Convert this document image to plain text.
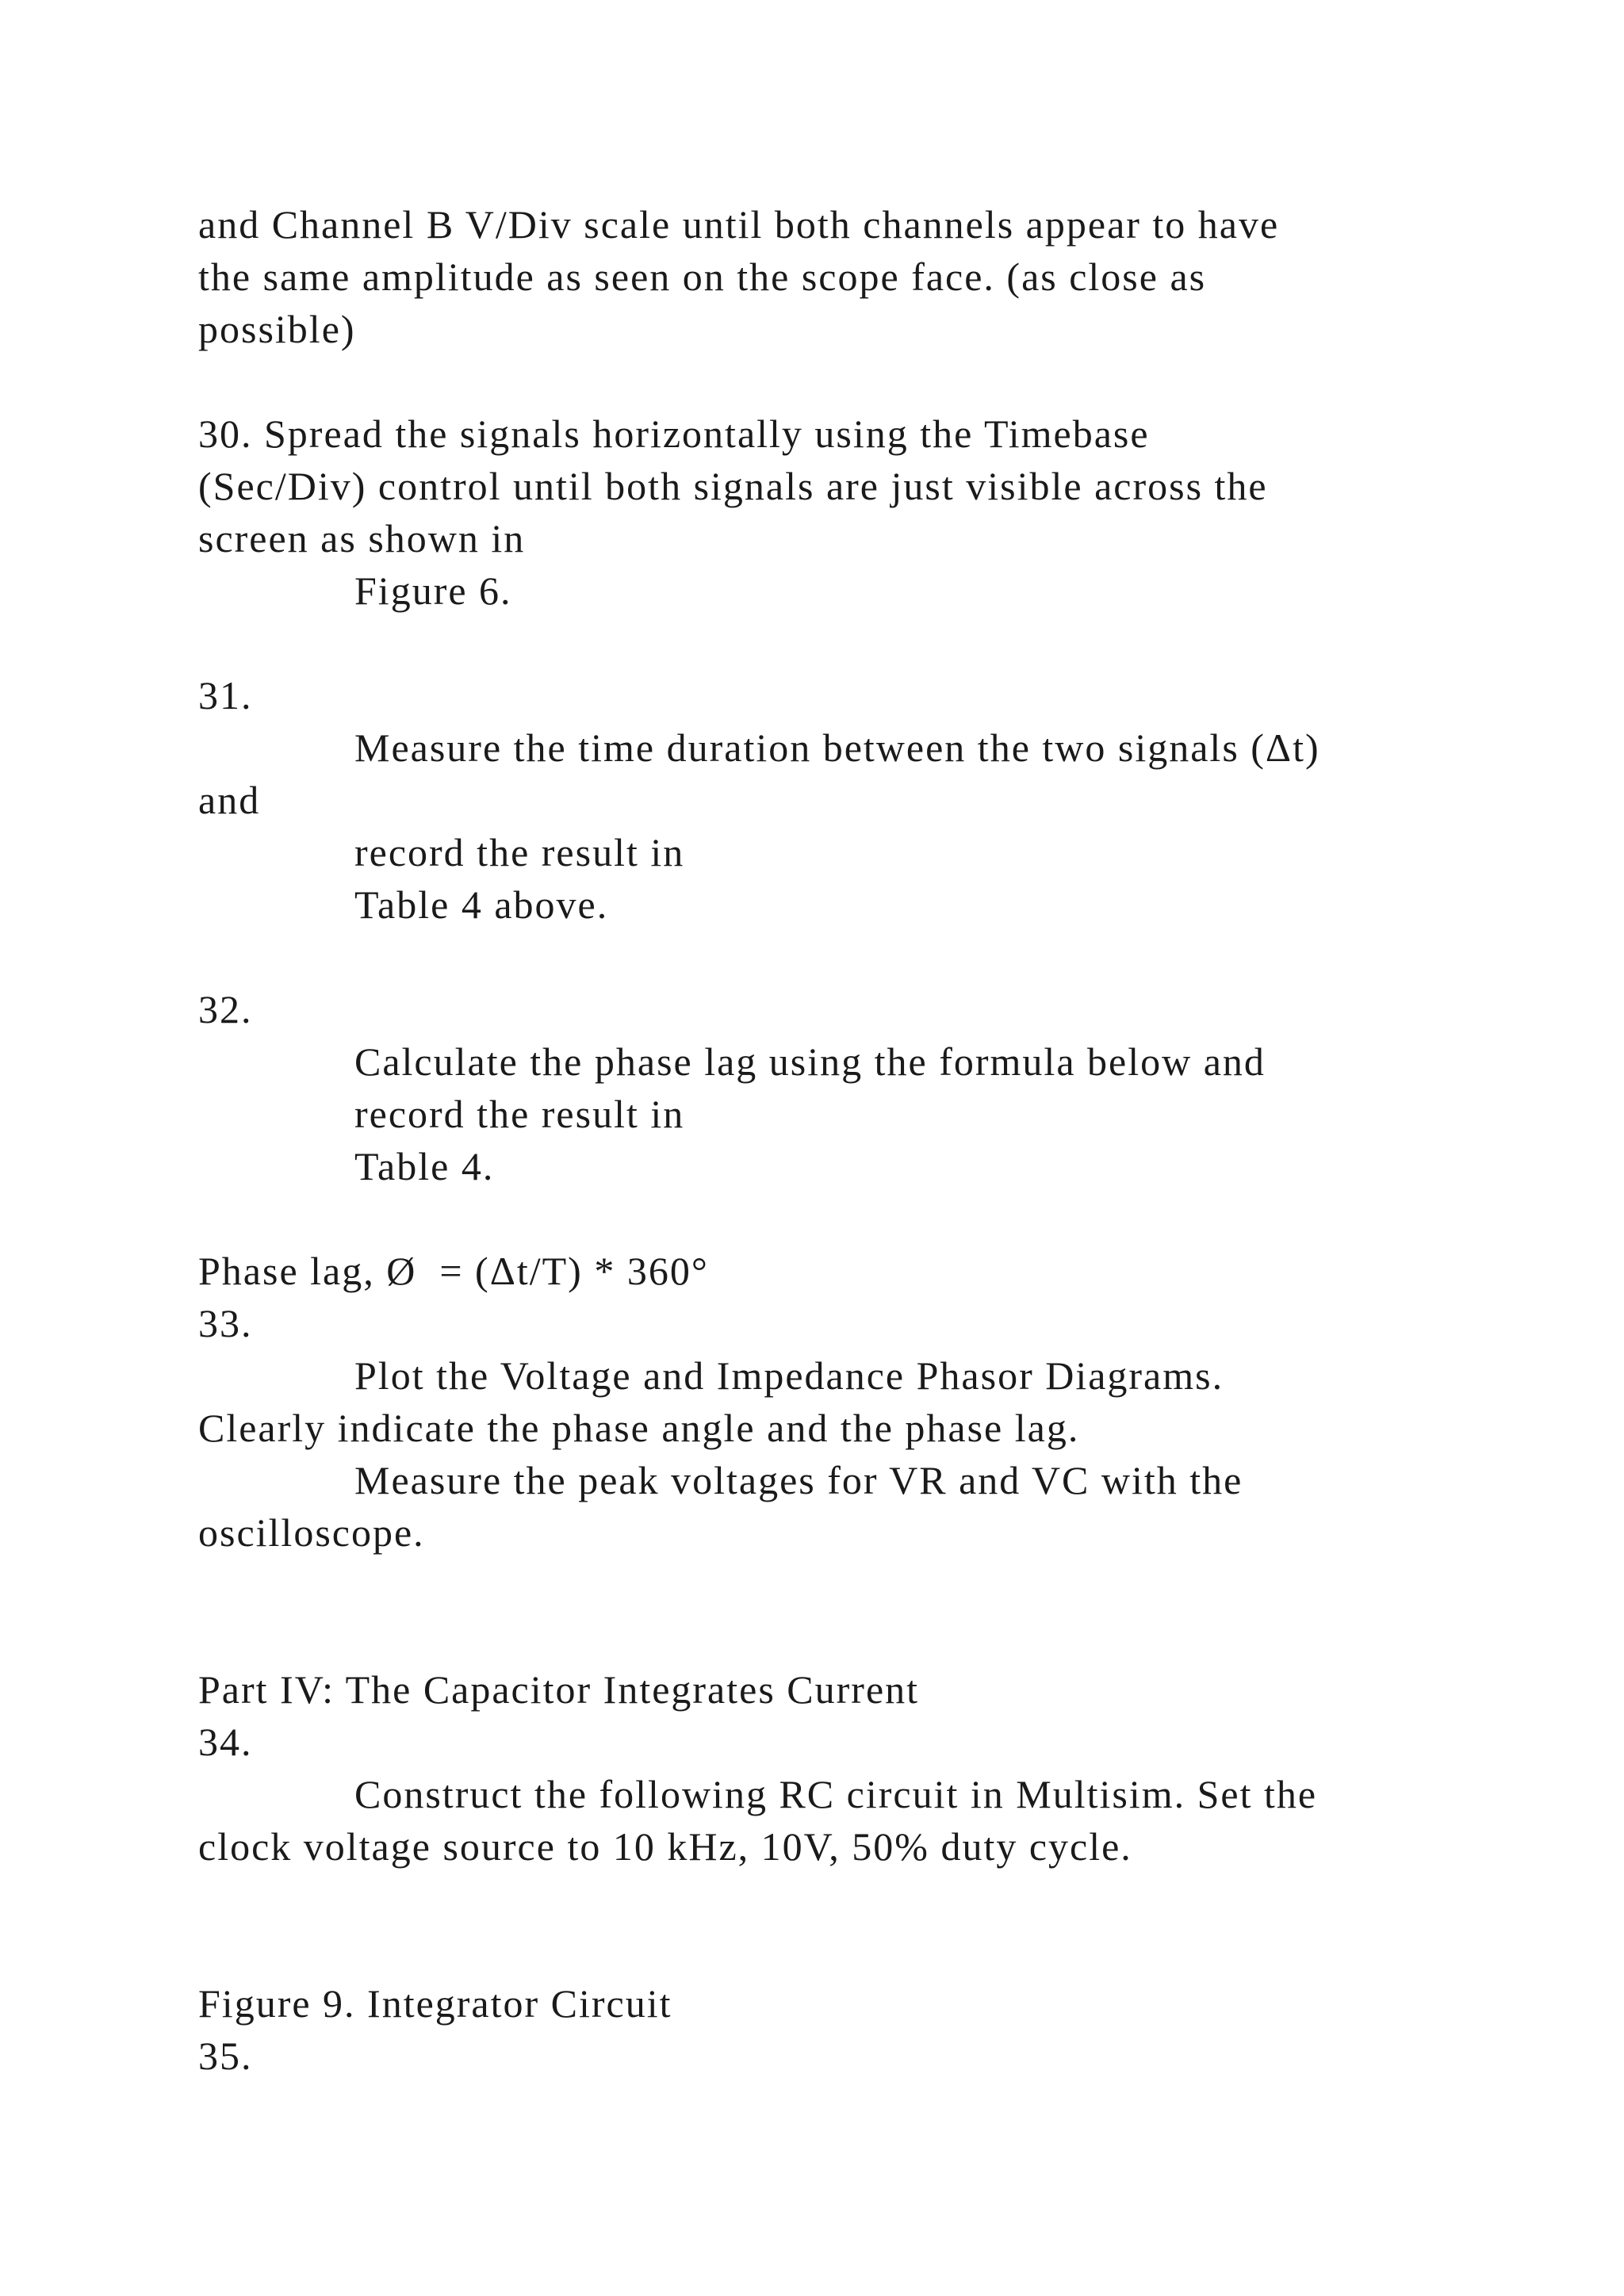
and Channel B V/Div scale until both channels appear to have
the same amplitude as seen on the scope face. (as close as
possible)
30. Spread the signals horizontally using the Timebase
(Sec/Div) control until both signals are just visible across the
screen as shown in
Figure 6.
31.
Measure the time duration between the two signals (Δt)
and
record the result in
Table 4 above.
32.
Calculate the phase lag using the formula below and
record the result in
Table 4.
Phase lag, Ø  = (Δt/T) * 360°
33.
Plot the Voltage and Impedance Phasor Diagrams.
Clearly indicate the phase angle and the phase lag.
Measure the peak voltages for VR and VC with the
oscilloscope.
Part IV: The Capacitor Integrates Current
34.
Construct the following RC circuit in Multisim. Set the
clock voltage source to 10 kHz, 10V, 50% duty cycle.
Figure 9. Integrator Circuit
35.
